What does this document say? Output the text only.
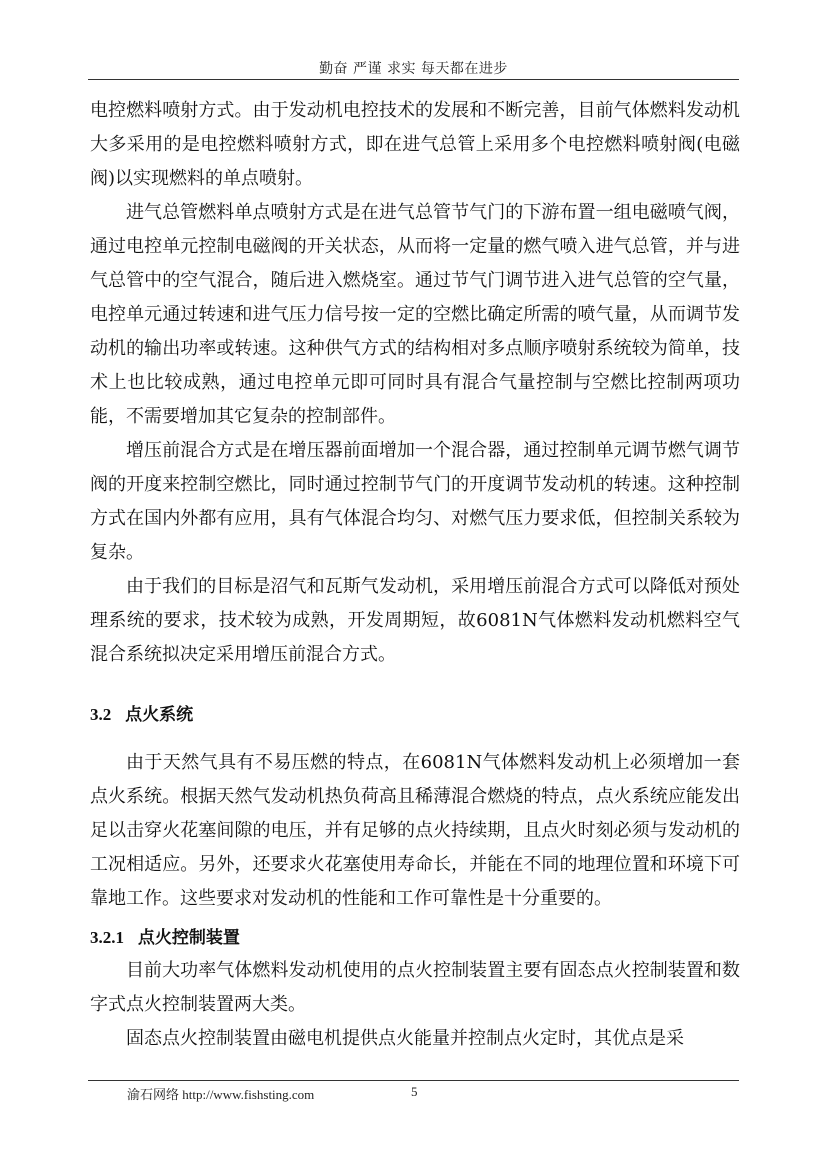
勤奋 严谨 求实 每天都在进步

电控燃料喷射方式。由于发动机电控技术的发展和不断完善，目前气体燃料发动机大多采用的是电控燃料喷射方式，即在进气总管上采用多个电控燃料喷射阀(电磁阀)以实现燃料的单点喷射。

进气总管燃料单点喷射方式是在进气总管节气门的下游布置一组电磁喷气阀，通过电控单元控制电磁阀的开关状态，从而将一定量的燃气喷入进气总管，并与进气总管中的空气混合，随后进入燃烧室。通过节气门调节进入进气总管的空气量，电控单元通过转速和进气压力信号按一定的空燃比确定所需的喷气量，从而调节发动机的输出功率或转速。这种供气方式的结构相对多点顺序喷射系统较为简单，技术上也比较成熟，通过电控单元即可同时具有混合气量控制与空燃比控制两项功能，不需要增加其它复杂的控制部件。

增压前混合方式是在增压器前面增加一个混合器，通过控制单元调节燃气调节阀的开度来控制空燃比，同时通过控制节气门的开度调节发动机的转速。这种控制方式在国内外都有应用，具有气体混合均匀、对燃气压力要求低，但控制关系较为复杂。

由于我们的目标是沼气和瓦斯气发动机，采用增压前混合方式可以降低对预处理系统的要求，技术较为成熟，开发周期短，故6081N气体燃料发动机燃料空气混合系统拟决定采用增压前混合方式。

3.2 点火系统

由于天然气具有不易压燃的特点，在6081N气体燃料发动机上必须增加一套点火系统。根据天然气发动机热负荷高且稀薄混合燃烧的特点，点火系统应能发出足以击穿火花塞间隙的电压，并有足够的点火持续期，且点火时刻必须与发动机的工况相适应。另外，还要求火花塞使用寿命长，并能在不同的地理位置和环境下可靠地工作。这些要求对发动机的性能和工作可靠性是十分重要的。

3.2.1 点火控制装置

目前大功率气体燃料发动机使用的点火控制装置主要有固态点火控制装置和数字式点火控制装置两大类。

固态点火控制装置由磁电机提供点火能量并控制点火定时，其优点是采

渝石网络 http://www.fishsting.com	5
